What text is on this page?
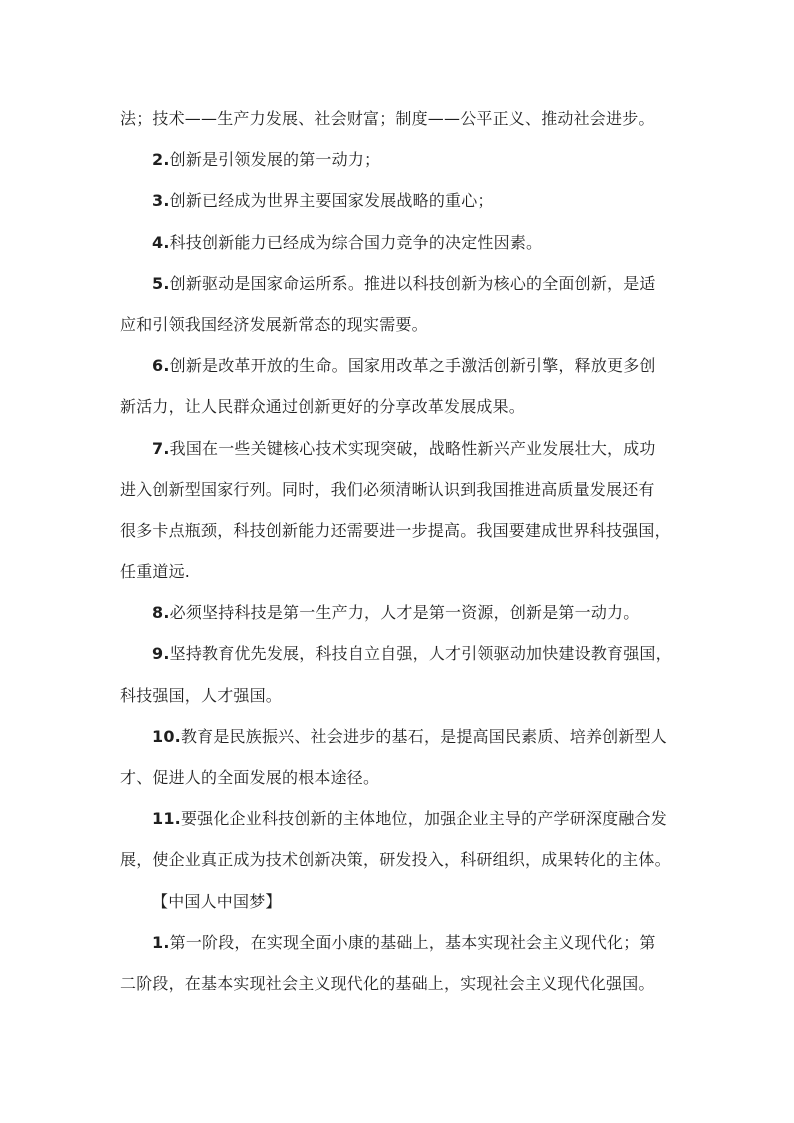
法；技术——生产力发展、社会财富；制度——公平正义、推动社会进步。
2.创新是引领发展的第一动力；
3.创新已经成为世界主要国家发展战略的重心；
4.科技创新能力已经成为综合国力竞争的决定性因素。
5.创新驱动是国家命运所系。推进以科技创新为核心的全面创新，是适
应和引领我国经济发展新常态的现实需要。
6.创新是改革开放的生命。国家用改革之手激活创新引擎，释放更多创
新活力，让人民群众通过创新更好的分享改革发展成果。
7.我国在一些关键核心技术实现突破，战略性新兴产业发展壮大，成功
进入创新型国家行列。同时，我们必须清晰认识到我国推进高质量发展还有
很多卡点瓶颈，科技创新能力还需要进一步提高。我国要建成世界科技强国，
任重道远.
8.必须坚持科技是第一生产力，人才是第一资源，创新是第一动力。
9.坚持教育优先发展，科技自立自强，人才引领驱动加快建设教育强国，
科技强国，人才强国。
10.教育是民族振兴、社会进步的基石，是提高国民素质、培养创新型人
才、促进人的全面发展的根本途径。
11.要强化企业科技创新的主体地位，加强企业主导的产学研深度融合发
展，使企业真正成为技术创新决策，研发投入，科研组织，成果转化的主体。
【中国人中国梦】
1.第一阶段，在实现全面小康的基础上，基本实现社会主义现代化；第
二阶段，在基本实现社会主义现代化的基础上，实现社会主义现代化强国。
